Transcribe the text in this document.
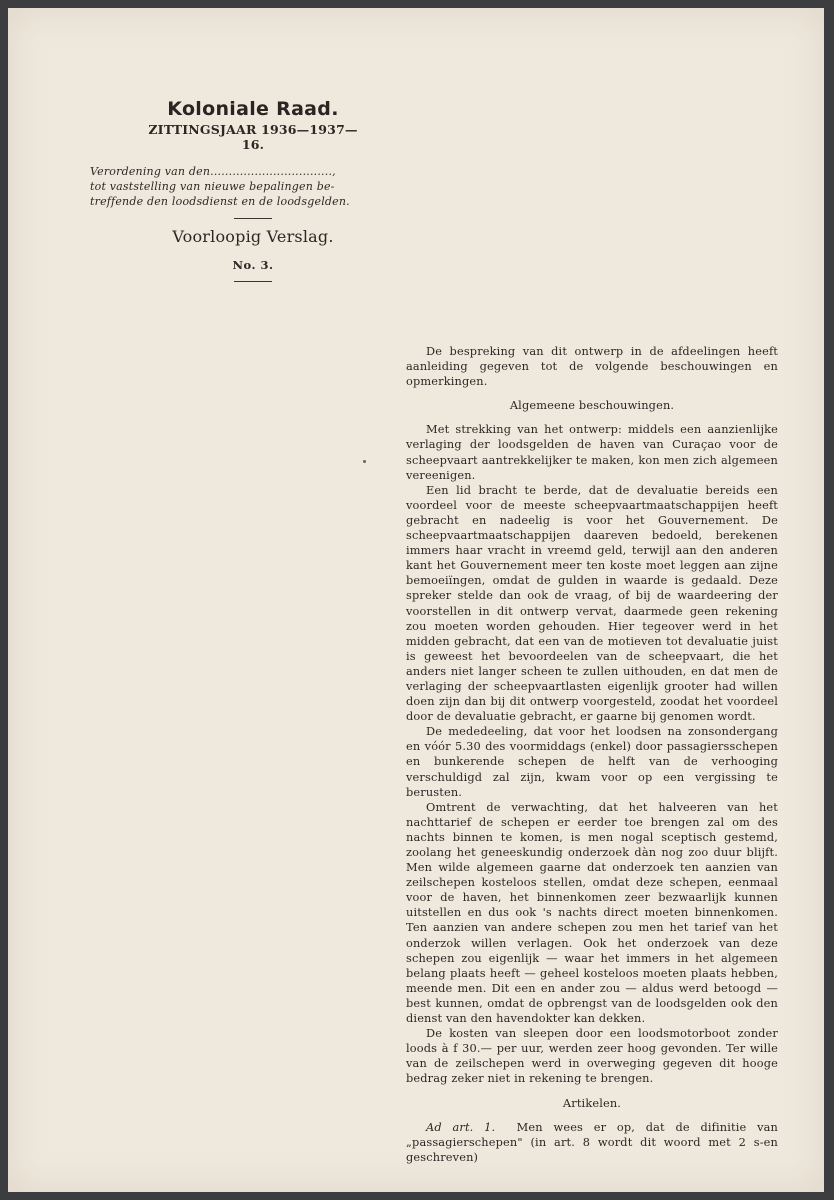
Koloniale Raad.
ZITTINGSJAAR 1936—1937—16.
Verordening van den.................................,
tot vaststelling van nieuwe bepalingen be-
treffende den loodsdienst en de loodsgelden.
Voorloopig Verslag.
No. 3.

De bespreking van dit ontwerp in de afdeelingen heeft aanleiding gegeven tot de volgende beschouwingen en opmerkingen.

Algemeene beschouwingen.

Met strekking van het ontwerp: middels een aanzienlijke verlaging der loodsgelden de haven van Curaçao voor de scheepvaart aantrekkelijker te maken, kon men zich algemeen vereenigen.

Een lid bracht te berde, dat de devaluatie bereids een voordeel voor de meeste scheepvaartmaatschappijen heeft gebracht en nadeelig is voor het Gouvernement. De scheepvaartmaatschappijen daareven bedoeld, berekenen immers haar vracht in vreemd geld, terwijl aan den anderen kant het Gouvernement meer ten koste moet leggen aan zijne bemoeiïngen, omdat de gulden in waarde is gedaald. Deze spreker stelde dan ook de vraag, of bij de waardeering der voorstellen in dit ontwerp vervat, daarmede geen rekening zou moeten worden gehouden. Hier tegeover werd in het midden gebracht, dat een van de motieven tot devaluatie juist is geweest het bevoordeelen van de scheepvaart, die het anders niet langer scheen te zullen uithouden, en dat men de verlaging der scheepvaartlasten eigenlijk grooter had willen doen zijn dan bij dit ontwerp voorgesteld, zoodat het voordeel door de devaluatie gebracht, er gaarne bij genomen wordt.

De mededeeling, dat voor het loodsen na zonsondergang en vóór 5.30 des voormiddags (enkel) door passagiersschepen en bunkerende schepen de helft van de verhooging verschuldigd zal zijn, kwam voor op een vergissing te berusten.

Omtrent de verwachting, dat het halveeren van het nachttarief de schepen er eerder toe brengen zal om des nachts binnen te komen, is men nogal sceptisch gestemd, zoolang het geneeskundig onderzoek dàn nog zoo duur blijft. Men wilde algemeen gaarne dat onderzoek ten aanzien van zeilschepen kosteloos stellen, omdat deze schepen, eenmaal voor de haven, het binnenkomen zeer bezwaarlijk kunnen uitstellen en dus ook 's nachts direct moeten binnenkomen. Ten aanzien van andere schepen zou men het tarief van het onderzok willen verlagen. Ook het onderzoek van deze schepen zou eigenlijk — waar het immers in het algemeen belang plaats heeft — geheel kosteloos moeten plaats hebben, meende men. Dit een en ander zou — aldus werd betoogd — best kunnen, omdat de opbrengst van de loodsgelden ook den dienst van den havendokter kan dekken.

De kosten van sleepen door een loodsmotorboot zonder loods à f 30.— per uur, werden zeer hoog gevonden. Ter wille van de zeilschepen werd in overweging gegeven dit hooge bedrag zeker niet in rekening te brengen.

Artikelen.

Ad art. 1. Men wees er op, dat de difinitie van „passagierschepen" (in art. 8 wordt dit woord met 2 s-en geschreven)
